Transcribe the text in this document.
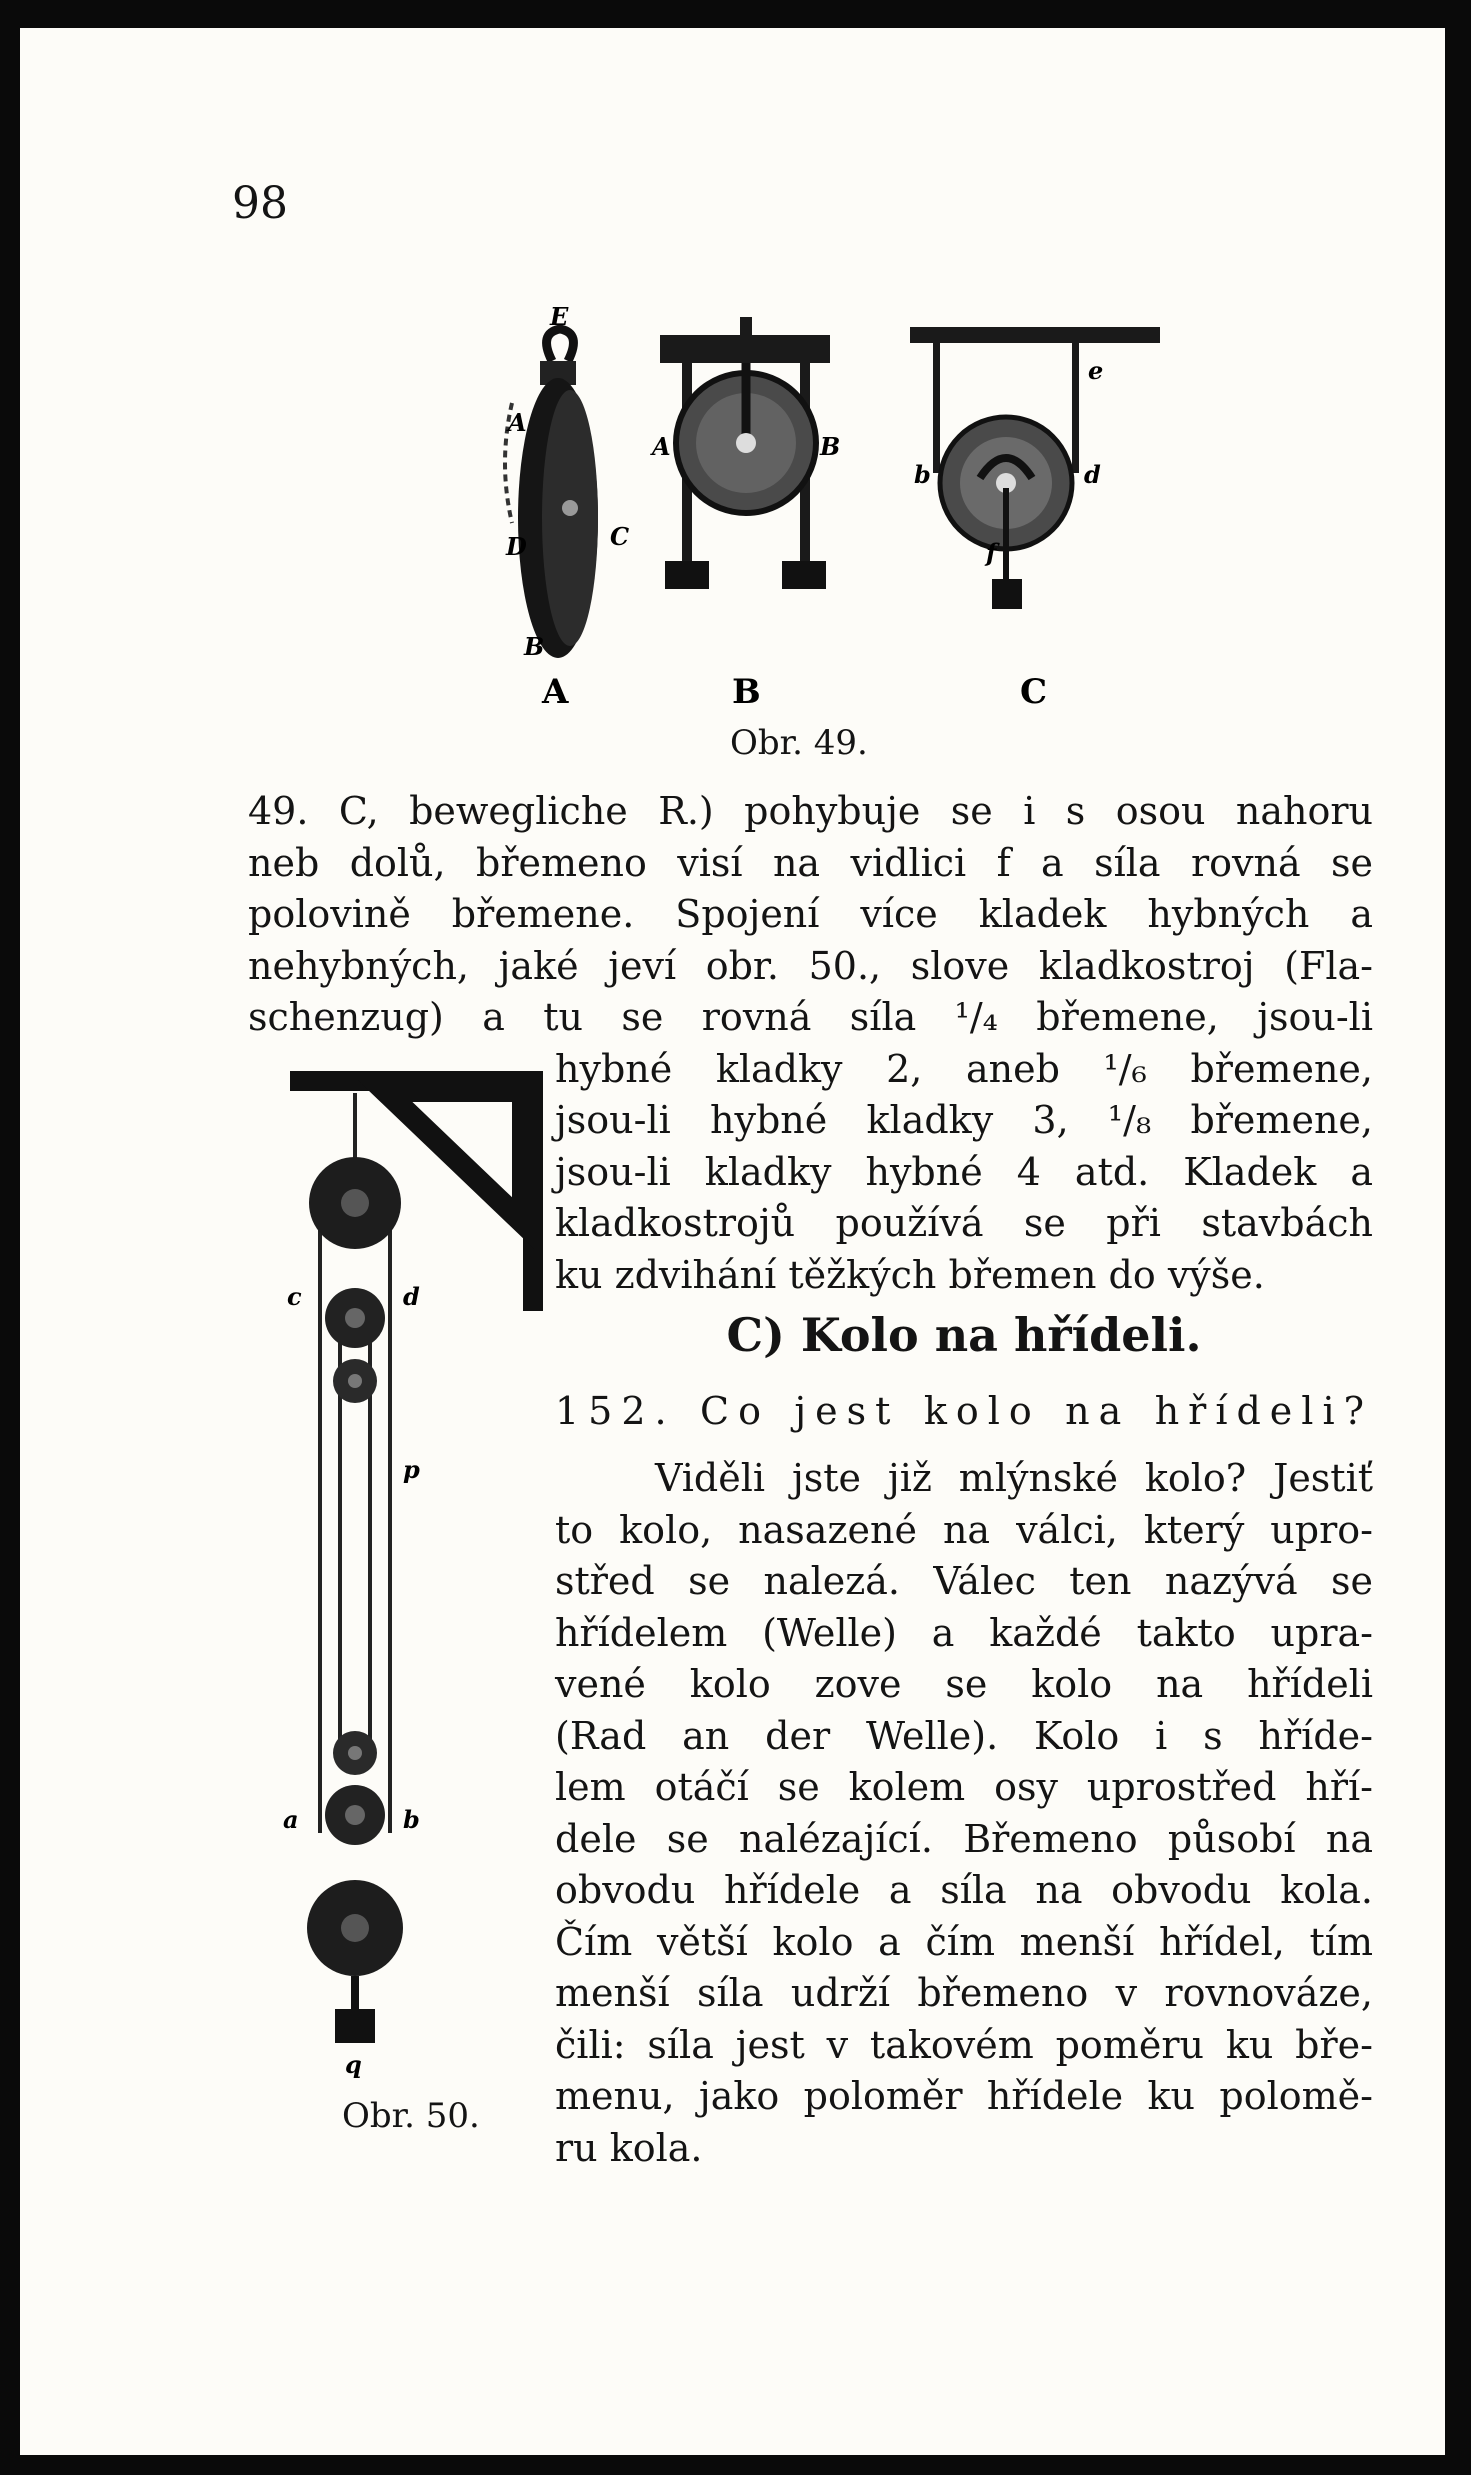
98
E
A
D	C
B
A	B
e
b	d
f
A	B	C
Obr. 49.
49. C, bewegliche R.) pohybuje se i s osou nahoru
neb dolů, břemeno visí na vidlici f a síla rovná se
polovině břemene. Spojení více kladek hybných a
nehybných, jaké jeví obr. 50., slove kladkostroj (Fla-
schenzug) a tu se rovná síla ¹/₄ břemene, jsou-li
hybné kladky 2, aneb ¹/₆ břemene,
jsou-li hybné kladky 3, ¹/₈ břemene,
jsou-li kladky hybné 4 atd. Kladek a
kladkostrojů používá se při stavbách
ku zdvihání těžkých břemen do výše.
C) Kolo na hřídeli.
152. Co jest kolo na hřídeli?
Viděli jste již mlýnské kolo? Jestiť
to kolo, nasazené na válci, který upro-
střed se nalezá. Válec ten nazývá se
hřídelem (Welle) a každé takto upra-
vené kolo zove se kolo na hřídeli
(Rad an der Welle). Kolo i s hříde-
lem otáčí se kolem osy uprostřed hří-
dele se nalézající. Břemeno působí na
obvodu hřídele a síla na obvodu kola.
Čím větší kolo a čím menší hřídel, tím
menší síla udrží břemeno v rovnováze,
čili: síla jest v takovém poměru ku bře-
menu, jako poloměr hřídele ku polomě-
ru kola.
c	d
p
a	b
q
Obr. 50.
